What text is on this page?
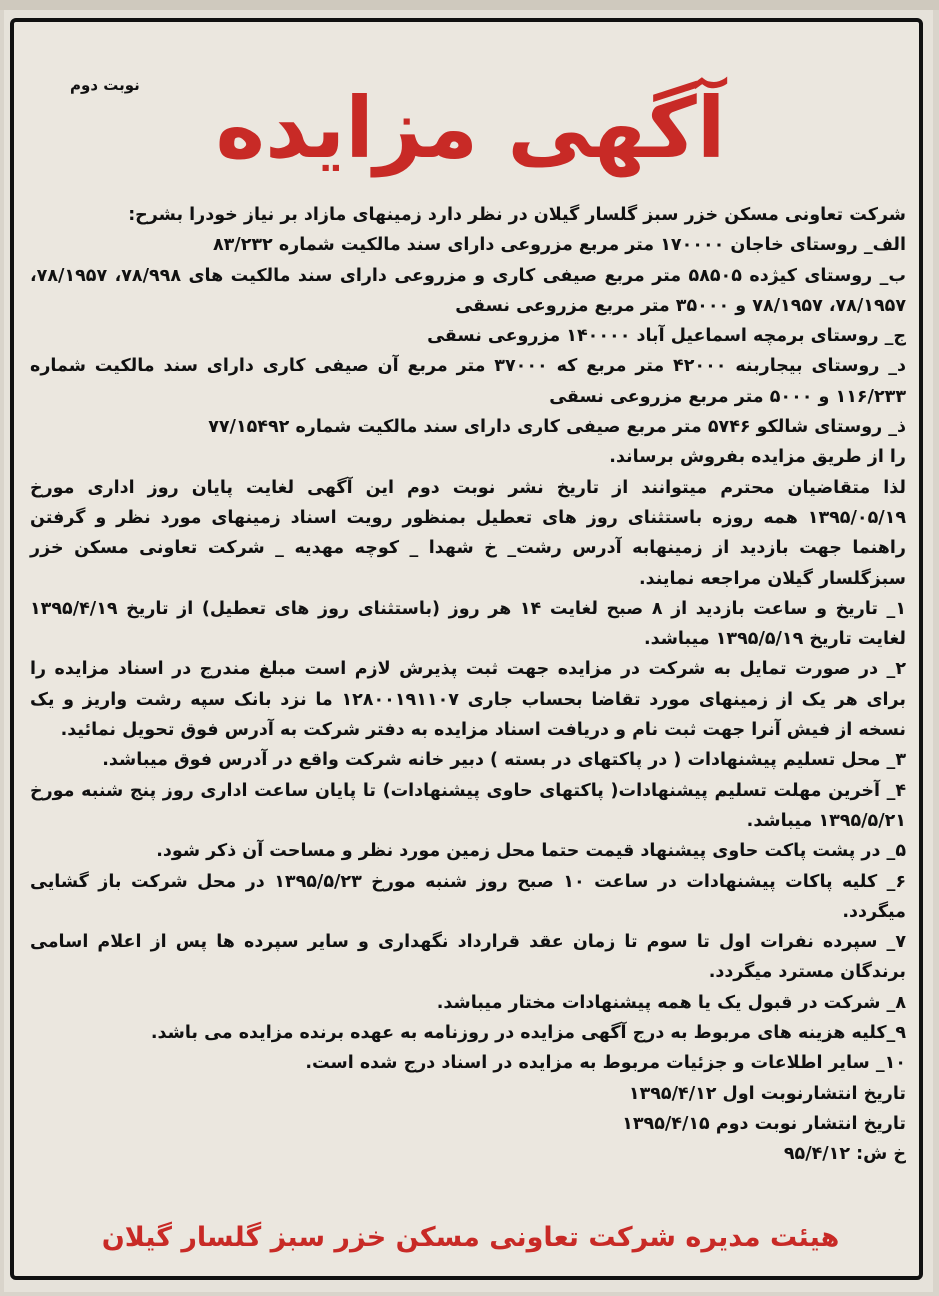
نوبت دوم آگهی مزایده

شرکت تعاونی مسکن خزر سبز گلسار گیلان در نظر دارد زمینهای مازاد بر نیاز خودرا بشرح:

الف_ روستای خاجان ۱۷۰۰۰۰ متر مربع مزروعی دارای سند مالکیت شماره ۸۳/۲۳۲

ب_ روستای کیژده ۵۸۵۰۵ متر مربع صیفی کاری و مزروعی دارای سند مالکیت های ۷۸/۹۹۸، ۷۸/۱۹۵۷، ۷۸/۱۹۵۷، ۷۸/۱۹۵۷ و ۳۵۰۰۰ متر مربع مزروعی نسقی

ج_ روستای برمچه اسماعیل آباد ۱۴۰۰۰۰ مزروعی نسقی

د_ روستای بیجاربنه ۴۲۰۰۰ متر مربع که ۳۷۰۰۰ متر مربع آن صیفی کاری دارای سند مالکیت شماره ۱۱۶/۲۳۳ و ۵۰۰۰ متر مربع مزروعی نسقی

ذ_ روستای شالکو ۵۷۴۶ متر مربع صیفی کاری دارای سند مالکیت شماره ۷۷/۱۵۴۹۲

را از طریق مزایده بفروش برساند.

لذا متقاضیان محترم میتوانند از تاریخ نشر نوبت دوم این آگهی لغایت پایان روز اداری مورخ ۱۳۹۵/۰۵/۱۹ همه روزه باستثنای روز های تعطیل بمنظور رویت اسناد زمینهای مورد نظر و گرفتن راهنما جهت بازدید از زمینهابه آدرس رشت_ خ شهدا _ کوچه مهدیه _ شرکت تعاونی مسکن خزر سبزگلسار گیلان مراجعه نمایند.

۱_ تاریخ و ساعت بازدید از ۸ صبح لغایت ۱۴ هر روز (باستثنای روز های تعطیل) از تاریخ ۱۳۹۵/۴/۱۹ لغایت تاریخ ۱۳۹۵/۵/۱۹ میباشد.

۲_ در صورت تمایل به شرکت در مزایده جهت ثبت پذیرش لازم است مبلغ مندرج در اسناد مزایده را برای هر یک از زمینهای مورد تقاضا بحساب جاری ۱۲۸۰۰۱۹۱۱۰۷ ما نزد بانک سپه رشت واریز و یک نسخه از فیش آنرا جهت ثبت نام و دریافت اسناد مزایده به دفتر شرکت به آدرس فوق تحویل نمائید.

۳_ محل تسلیم پیشنهادات ( در پاکتهای در بسته ) دبیر خانه شرکت واقع در آدرس فوق میباشد.

۴_ آخرین مهلت تسلیم پیشنهادات( پاکتهای حاوی پیشنهادات) تا پایان ساعت اداری روز پنج شنبه مورخ ۱۳۹۵/۵/۲۱ میباشد.

۵_ در پشت پاکت حاوی پیشنهاد قیمت حتما محل زمین مورد نظر و مساحت آن ذکر شود.

۶_ کلیه پاکات پیشنهادات در ساعت ۱۰ صبح روز شنبه مورخ ۱۳۹۵/۵/۲۳ در محل شرکت باز گشایی میگردد.

۷_ سپرده نفرات اول تا سوم تا زمان عقد قرارداد نگهداری و سایر سپرده ها پس از اعلام اسامی برندگان مسترد میگردد.

۸_ شرکت در قبول یک یا همه پیشنهادات مختار میباشد.

۹_کلیه هزینه های مربوط به درج آگهی مزایده در روزنامه به عهده برنده مزایده می باشد.

۱۰_ سایر اطلاعات و جزئیات مربوط به مزایده در اسناد درج شده است.

تاریخ انتشارنوبت اول ۱۳۹۵/۴/۱۲

تاریخ انتشار نوبت دوم ۱۳۹۵/۴/۱۵

خ ش: ۹۵/۴/۱۲

هیئت مدیره شرکت تعاونی مسکن خزر سبز گلسار گیلان
